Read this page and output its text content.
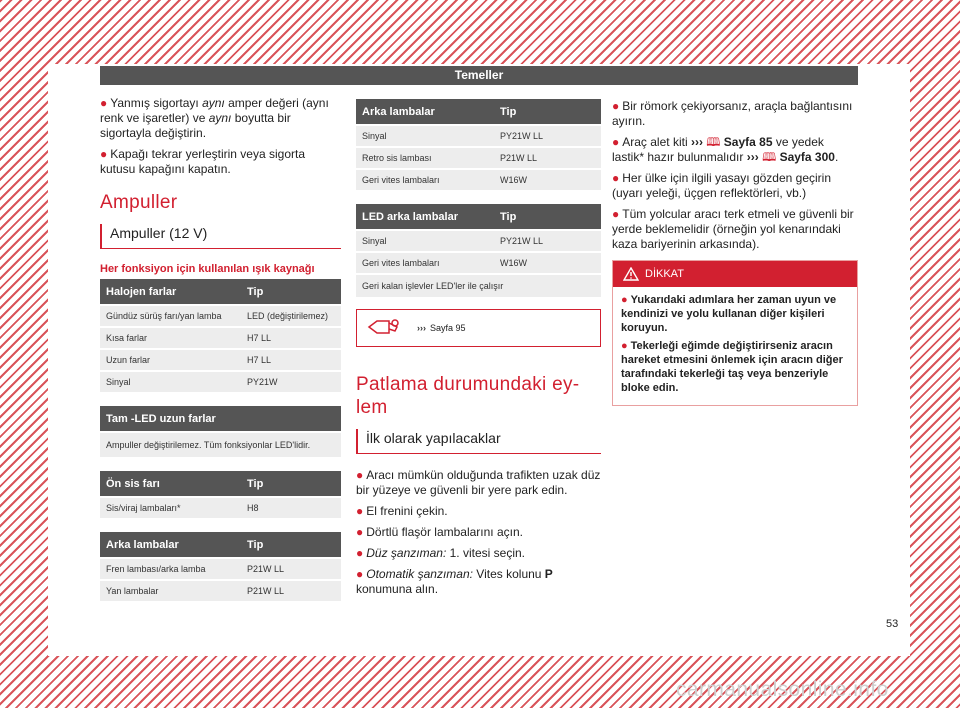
Temeller

● Yanmış sigortayı aynı amper değeri (aynı renk ve işaretler) ve aynı boyutta bir sigortayla değiştirin.

● Kapağı tekrar yerleştirin veya sigorta kutusu kapağını kapatın.

Ampuller
Ampuller (12 V)
Her fonksiyon için kullanılan ışık kaynağı
Halojen farlar	Tip
Gündüz sürüş farı/yan lamba	LED (değiştirilemez)
Kısa farlar	H7 LL
Uzun farlar	H7 LL
Sinyal	PY21W
Tam -LED uzun farlar
Ampuller değiştirilemez. Tüm fonksiyonlar LED'lidir.
Ön sis farı	Tip
Sis/viraj lambaları*	H8
Arka lambalar	Tip
Fren lambası/arka lamba	P21W LL
Yan lambalar	P21W LL
Arka lambalar	Tip
Sinyal	PY21W LL
Retro sis lambası	P21W LL
Geri vites lambaları	W16W
LED arka lambalar	Tip
Sinyal	PY21W LL
Geri vites lambaları	W16W
Geri kalan işlevler LED'ler ile çalışır	
››› Sayfa 95
Patlama durumundaki ey-lem
İlk olarak yapılacaklar

● Aracı mümkün olduğunda trafikten uzak düz bir yüzeye ve güvenli bir yere park edin.

● El frenini çekin.

● Dörtlü flaşör lambalarını açın.

● Düz şanzıman: 1. vitesi seçin.

● Otomatik şanzıman: Vites kolunu P konumuna alın.

● Bir römork çekiyorsanız, araçla bağlantısını ayırın.

● Araç alet kiti ››› 🕮 Sayfa 85 ve yedek lastik* hazır bulunmalıdır ››› 🕮 Sayfa 300.

● Her ülke için ilgili yasayı gözden geçirin (uyarı yeleği, üçgen reflektörleri, vb.)

● Tüm yolcular aracı terk etmeli ve güvenli bir yerde beklemelidir (örneğin yol kenarındaki kaza bariyerinin arkasında).

DİKKAT

● Yukarıdaki adımlara her zaman uyun ve kendinizi ve yolu kullanan diğer kişileri koruyun.

● Tekerleği eğimde değiştirirseniz aracın hareket etmesini önlemek için aracın diğer tarafındaki tekerleği taş veya benzeriyle bloke edin.

53
carmanualsonline.info
